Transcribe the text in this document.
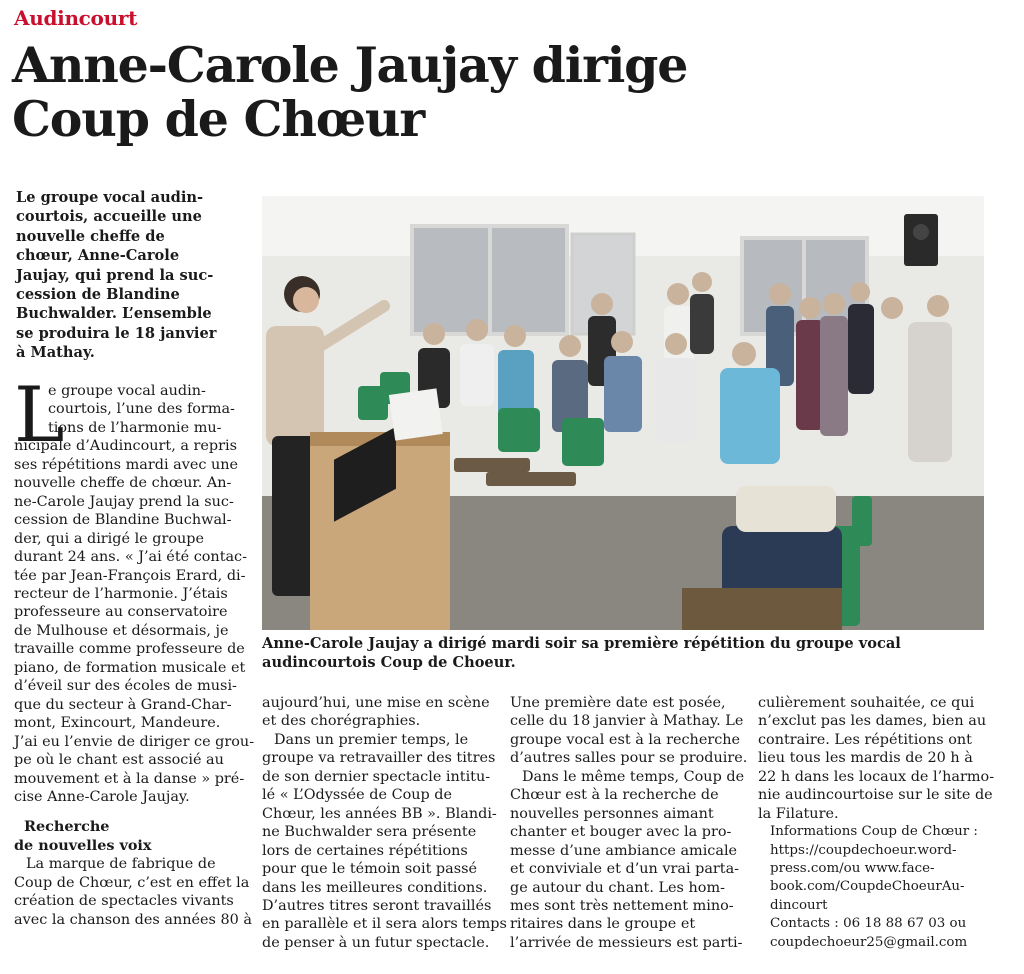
Audincourt
Anne-Carole Jaujay dirige
Coup de Chœur
Le groupe vocal audin-
courtois, accueille une
nouvelle cheffe de
chœur, Anne-Carole
Jaujay, qui prend la suc-
cession de Blandine
Buchwalder. L’ensemble
se produira le 18 janvier
à Mathay.
Anne-Carole Jaujay a dirigé mardi soir sa première répétition du groupe vocal
audincourtois Coup de Choeur.
L
e groupe vocal audin-
courtois, l’une des forma-
tions de l’harmonie mu-
nicipale d’Audincourt, a repris
ses répétitions mardi avec une
nouvelle cheffe de chœur. An-
ne-Carole Jaujay prend la suc-
cession de Blandine Buchwal-
der, qui a dirigé le groupe
durant 24 ans. « J’ai été contac-
tée par Jean-François Erard, di-
recteur de l’harmonie. J’étais
professeure au conservatoire
de Mulhouse et désormais, je
travaille comme professeure de
piano, de formation musicale et
d’éveil sur des écoles de musi-
que du secteur à Grand-Char-
mont, Exincourt, Mandeure.
J’ai eu l’envie de diriger ce grou-
pe où le chant est associé au
mouvement et à la danse » pré-
cise Anne-Carole Jaujay.
Recherche
de nouvelles voix
La marque de fabrique de
Coup de Chœur, c’est en effet la
création de spectacles vivants
avec la chanson des années 80 à
aujourd’hui, une mise en scène
et des chorégraphies.
Dans un premier temps, le
groupe va retravailler des titres
de son dernier spectacle intitu-
lé « L’Odyssée de Coup de
Chœur, les années BB ». Blandi-
ne Buchwalder sera présente
lors de certaines répétitions
pour que le témoin soit passé
dans les meilleures conditions.
D’autres titres seront travaillés
en parallèle et il sera alors temps
de penser à un futur spectacle.
Une première date est posée,
celle du 18 janvier à Mathay. Le
groupe vocal est à la recherche
d’autres salles pour se produire.
Dans le même temps, Coup de
Chœur est à la recherche de
nouvelles personnes aimant
chanter et bouger avec la pro-
messe d’une ambiance amicale
et conviviale et d’un vrai parta-
ge autour du chant. Les hom-
mes sont très nettement mino-
ritaires dans le groupe et
l’arrivée de messieurs est parti-
culièrement souhaitée, ce qui
n’exclut pas les dames, bien au
contraire. Les répétitions ont
lieu tous les mardis de 20 h à
22 h dans les locaux de l’harmo-
nie audincourtoise sur le site de
la Filature.
Informations Coup de Chœur :
https://coupdechoeur.word-
press.com/ou www.face-
book.com/CoupdeChoeurAu-
dincourt
Contacts : 06 18 88 67 03 ou
coupdechoeur25@gmail.com
